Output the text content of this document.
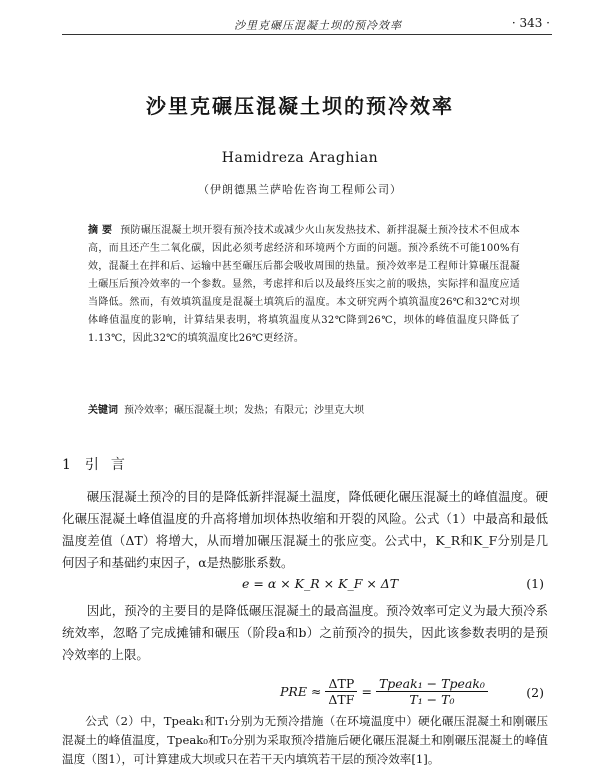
沙里克碾压混凝土坝的预冷效率	· 343 ·
沙里克碾压混凝土坝的预冷效率
Hamidreza Araghian
（伊朗德黑兰萨哈佐咨询工程师公司）
摘 要 预防碾压混凝土坝开裂有预冷技术或减少火山灰发热技术、新拌混凝土预冷技术不但成本高，而且还产生二氧化碳，因此必须考虑经济和环境两个方面的问题。预冷系统不可能100%有效，混凝土在拌和后、运输中甚至碾压后都会吸收周围的热量。预冷效率是工程师计算碾压混凝土碾压后预冷效率的一个参数。显然，考虑拌和后以及最终压实之前的吸热，实际拌和温度应适当降低。然而，有效填筑温度是混凝土填筑后的温度。本文研究两个填筑温度26℃和32℃对坝体峰值温度的影响，计算结果表明，将填筑温度从32℃降到26℃，坝体的峰值温度只降低了1.13℃，因此32℃的填筑温度比26℃更经济。
关键词 预冷效率；碾压混凝土坝；发热；有限元；沙里克大坝
1 引言
碾压混凝土预冷的目的是降低新拌混凝土温度，降低硬化碾压混凝土的峰值温度。硬化碾压混凝土峰值温度的升高将增加坝体热收缩和开裂的风险。公式（1）中最高和最低温度差值（ΔT）将增大，从而增加碾压混凝土的张应变。公式中，K_R和K_F分别是几何因子和基础约束因子，α是热膨胀系数。
e = α × K_R × K_F × ΔT	(1)
因此，预冷的主要目的是降低碾压混凝土的最高温度。预冷效率可定义为最大预冷系统效率，忽略了完成摊铺和碾压（阶段a和b）之前预冷的损失，因此该参数表明的是预冷效率的上限。
PRE ≈ $\frac{\text{ΔTP}}{\text{ΔTF}} = \frac{\text{Tpeak₁ − Tpeak₀}}{\text{T₁ − T₀}}$	(2)
公式（2）中，Tpeak₁和T₁分别为无预冷措施（在环境温度中）硬化碾压混凝土和刚碾压混凝土的峰值温度，Tpeak₀和T₀分别为采取预冷措施后硬化碾压混凝土和刚碾压混凝土的峰值温度（图1），可计算建成大坝或只在若干天内填筑若干层的预冷效率[1]。
